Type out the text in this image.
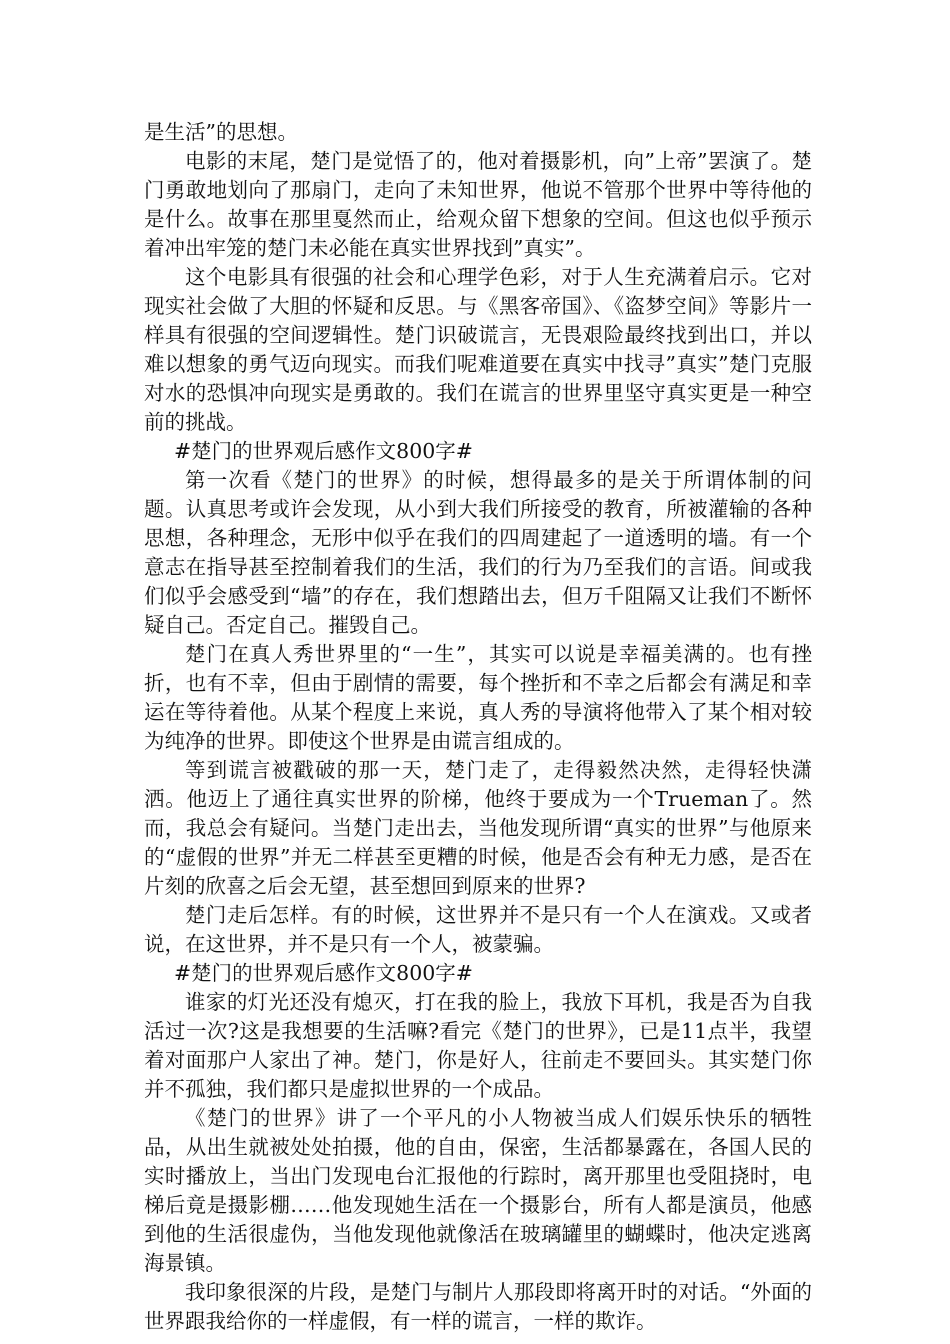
是生活”的思想。

电影的末尾，楚门是觉悟了的，他对着摄影机，向”上帝”罢演了。楚门勇敢地划向了那扇门，走向了未知世界，他说不管那个世界中等待他的是什么。故事在那里戛然而止，给观众留下想象的空间。但这也似乎预示着冲出牢笼的楚门未必能在真实世界找到”真实”。

这个电影具有很强的社会和心理学色彩，对于人生充满着启示。它对现实社会做了大胆的怀疑和反思。与《黑客帝国》、《盗梦空间》等影片一样具有很强的空间逻辑性。楚门识破谎言，无畏艰险最终找到出口，并以难以想象的勇气迈向现实。而我们呢难道要在真实中找寻”真实”楚门克服对水的恐惧冲向现实是勇敢的。我们在谎言的世界里坚守真实更是一种空前的挑战。

#楚门的世界观后感作文800字#

第一次看《楚门的世界》的时候，想得最多的是关于所谓体制的问题。认真思考或许会发现，从小到大我们所接受的教育，所被灌输的各种思想，各种理念，无形中似乎在我们的四周建起了一道透明的墙。有一个意志在指导甚至控制着我们的生活，我们的行为乃至我们的言语。间或我们似乎会感受到“墙”的存在，我们想踏出去，但万千阻隔又让我们不断怀疑自己。否定自己。摧毁自己。

楚门在真人秀世界里的“一生”，其实可以说是幸福美满的。也有挫折，也有不幸，但由于剧情的需要，每个挫折和不幸之后都会有满足和幸运在等待着他。从某个程度上来说，真人秀的导演将他带入了某个相对较为纯净的世界。即使这个世界是由谎言组成的。

等到谎言被戳破的那一天，楚门走了，走得毅然决然，走得轻快潇洒。他迈上了通往真实世界的阶梯，他终于要成为一个Trueman了。然而，我总会有疑问。当楚门走出去，当他发现所谓“真实的世界”与他原来的“虚假的世界”并无二样甚至更糟的时候，他是否会有种无力感，是否在片刻的欣喜之后会无望，甚至想回到原来的世界?

楚门走后怎样。有的时候，这世界并不是只有一个人在演戏。又或者说，在这世界，并不是只有一个人，被蒙骗。

#楚门的世界观后感作文800字#

谁家的灯光还没有熄灭，打在我的脸上，我放下耳机，我是否为自我活过一次?这是我想要的生活嘛?看完《楚门的世界》，已是11点半，我望着对面那户人家出了神。楚门，你是好人，往前走不要回头。其实楚门你并不孤独，我们都只是虚拟世界的一个成品。

《楚门的世界》讲了一个平凡的小人物被当成人们娱乐快乐的牺牲品，从出生就被处处拍摄，他的自由，保密，生活都暴露在，各国人民的实时播放上，当出门发现电台汇报他的行踪时，离开那里也受阻挠时，电梯后竟是摄影棚……他发现她生活在一个摄影台，所有人都是演员，他感到他的生活很虚伪，当他发现他就像活在玻璃罐里的蝴蝶时，他决定逃离海景镇。

我印象很深的片段，是楚门与制片人那段即将离开时的对话。“外面的世界跟我给你的一样虚假，有一样的谎言，一样的欺诈。
